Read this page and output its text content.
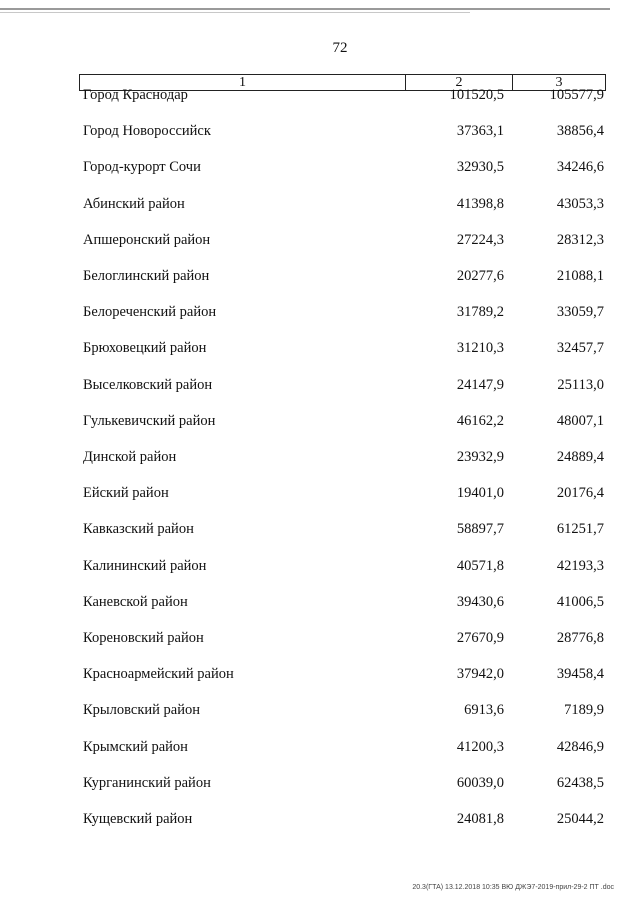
72
1	2	3
Город Краснодар	101520,5	105577,9
Город Новороссийск	37363,1	38856,4
Город-курорт Сочи	32930,5	34246,6
Абинский район	41398,8	43053,3
Апшеронский район	27224,3	28312,3
Белоглинский район	20277,6	21088,1
Белореченский район	31789,2	33059,7
Брюховецкий район	31210,3	32457,7
Выселковский район	24147,9	25113,0
Гулькевичский район	46162,2	48007,1
Динской район	23932,9	24889,4
Ейский район	19401,0	20176,4
Кавказский район	58897,7	61251,7
Калининский район	40571,8	42193,3
Каневской район	39430,6	41006,5
Кореновский район	27670,9	28776,8
Красноармейский район	37942,0	39458,4
Крыловский район	6913,6	7189,9
Крымский район	41200,3	42846,9
Курганинский район	60039,0	62438,5
Кущевский район	24081,8	25044,2
20.3(ГТА) 13.12.2018 10:35 ВЮ ДЖЭ7-2019-прил-29-2 ПТ .doc
